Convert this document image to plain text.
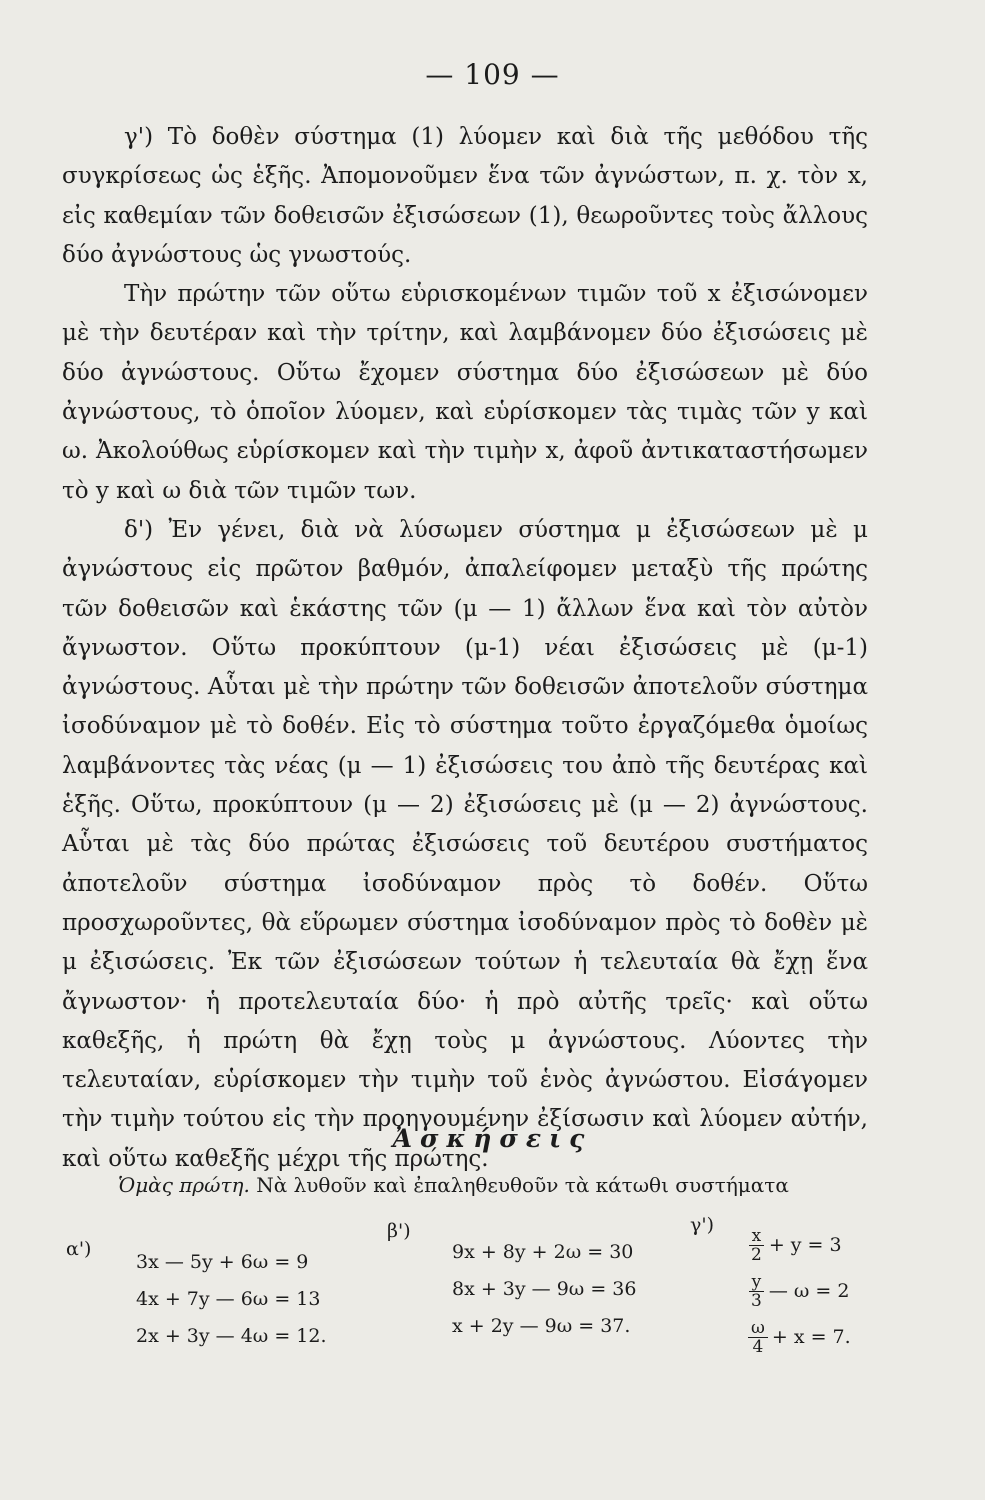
— 109 —

γ') Τὸ δοθὲν σύστημα (1) λύομεν καὶ διὰ τῆς μεθόδου τῆς συγκρίσεως ὡς ἑξῆς. Ἀπομονοῦμεν ἕνα τῶν ἀγνώστων, π. χ. τὸν x, εἰς καθεμίαν τῶν δοθεισῶν ἐξισώσεων (1), θεωροῦντες τοὺς ἄλλους δύο ἀγνώστους ὡς γνωστούς.

Τὴν πρώτην τῶν οὕτω εὑρισκομένων τιμῶν τοῦ x ἐξισώνομεν μὲ τὴν δευτέραν καὶ τὴν τρίτην, καὶ λαμβάνομεν δύο ἐξισώσεις μὲ δύο ἀγνώστους. Οὕτω ἔχομεν σύστημα δύο ἐξισώσεων μὲ δύο ἀγνώστους, τὸ ὁποῖον λύομεν, καὶ εὑρίσκομεν τὰς τιμὰς τῶν y καὶ ω. Ἀκολούθως εὑρίσκομεν καὶ τὴν τιμὴν x, ἀφοῦ ἀντικαταστήσωμεν τὸ y καὶ ω διὰ τῶν τιμῶν των.

δ') Ἐν γένει, διὰ νὰ λύσωμεν σύστημα μ ἐξισώσεων μὲ μ ἀγνώστους εἰς πρῶτον βαθμόν, ἀπαλείφομεν μεταξὺ τῆς πρώτης τῶν δοθεισῶν καὶ ἑκάστης τῶν (μ — 1) ἄλλων ἕνα καὶ τὸν αὐτὸν ἄγνωστον. Οὕτω προκύπτουν (μ-1) νέαι ἐξισώσεις μὲ (μ-1) ἀγνώστους. Αὗται μὲ τὴν πρώτην τῶν δοθεισῶν ἀποτελοῦν σύστημα ἰσοδύναμον μὲ τὸ δοθέν. Εἰς τὸ σύστημα τοῦτο ἐργαζόμεθα ὁμοίως λαμβάνοντες τὰς νέας (μ — 1) ἐξισώσεις του ἀπὸ τῆς δευτέρας καὶ ἑξῆς. Οὕτω, προκύπτουν (μ — 2) ἐξισώσεις μὲ (μ — 2) ἀγνώστους. Αὗται μὲ τὰς δύο πρώτας ἐξισώσεις τοῦ δευτέρου συστήματος ἀποτελοῦν σύστημα ἰσοδύναμον πρὸς τὸ δοθέν. Οὕτω προσχωροῦντες, θὰ εὕρωμεν σύστημα ἰσοδύναμον πρὸς τὸ δοθὲν μὲ μ ἐξισώσεις. Ἐκ τῶν ἐξισώσεων τούτων ἡ τελευταία θὰ ἔχῃ ἕνα ἄγνωστον· ἡ προτελευταία δύο· ἡ πρὸ αὐτῆς τρεῖς· καὶ οὕτω καθεξῆς, ἡ πρώτη θὰ ἔχῃ τοὺς μ ἀγνώστους. Λύοντες τὴν τελευταίαν, εὑρίσκομεν τὴν τιμὴν τοῦ ἑνὸς ἀγνώστου. Εἰσάγομεν τὴν τιμὴν τούτου εἰς τὴν προηγουμένην ἐξίσωσιν καὶ λύομεν αὐτήν, καὶ οὕτω καθεξῆς μέχρι τῆς πρώτης.

Ἀσκήσεις
Ὁμὰς πρώτη. Νὰ λυθοῦν καὶ ἐπαληθευθοῦν τὰ κάτωθι συστήματα
α')
3x — 5y + 6ω = 9
4x + 7y — 6ω = 13
2x + 3y — 4ω = 12.
β')
9x + 8y + 2ω = 30
8x + 3y — 9ω = 36
x + 2y — 9ω = 37.
γ')
$\frac{x}{2} + y = 3$
$\frac{y}{3}$ — ω = 2
$\frac{\omega}{4} + x = 7$.
